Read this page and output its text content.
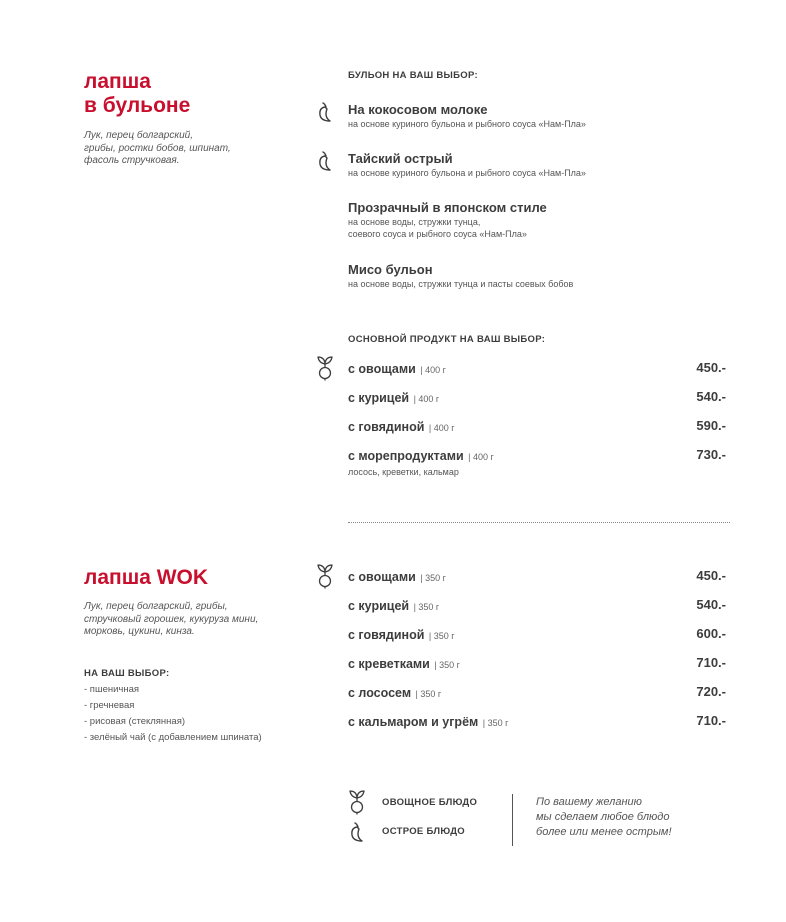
лапша

в бульоне

Лук, перец болгарский,

грибы, ростки бобов, шпинат,

фасоль стручковая.

БУЛЬОН НА ВАШ ВЫБОР:
На кокосовом молоке
на основе куриного бульона и рыбного соуса «Нам-Пла»
Тайский острый
на основе куриного бульона и рыбного соуса «Нам-Пла»
Прозрачный в японском стиле
на основе воды, стружки тунца,
соевого соуса и рыбного соуса «Нам-Пла»
Мисо бульон
на основе воды, стружки тунца и пасты соевых бобов
ОСНОВНОЙ ПРОДУКТ НА ВАШ ВЫБОР:
с овощами | 400 г	450.-
с курицей | 400 г	540.-
с говядиной | 400 г	590.-
с морепродуктами | 400 г	730.-
лосось, креветки, кальмар

лапша WOK

Лук, перец болгарский, грибы,

стручковый горошек, кукуруза мини,

морковь, цукини, кинза.

НА ВАШ ВЫБОР:
- пшеничная
- гречневая
- рисовая (стеклянная)
- зелёный чай (с добавлением шпината)
с овощами | 350 г	450.-
с курицей | 350 г	540.-
с говядиной | 350 г	600.-
с креветками | 350 г	710.-
с лососем | 350 г	720.-
с кальмаром и угрём | 350 г	710.-
ОВОЩНОЕ БЛЮДО
ОСТРОЕ БЛЮДО
По вашему желанию
мы сделаем любое блюдо
более или менее острым!
